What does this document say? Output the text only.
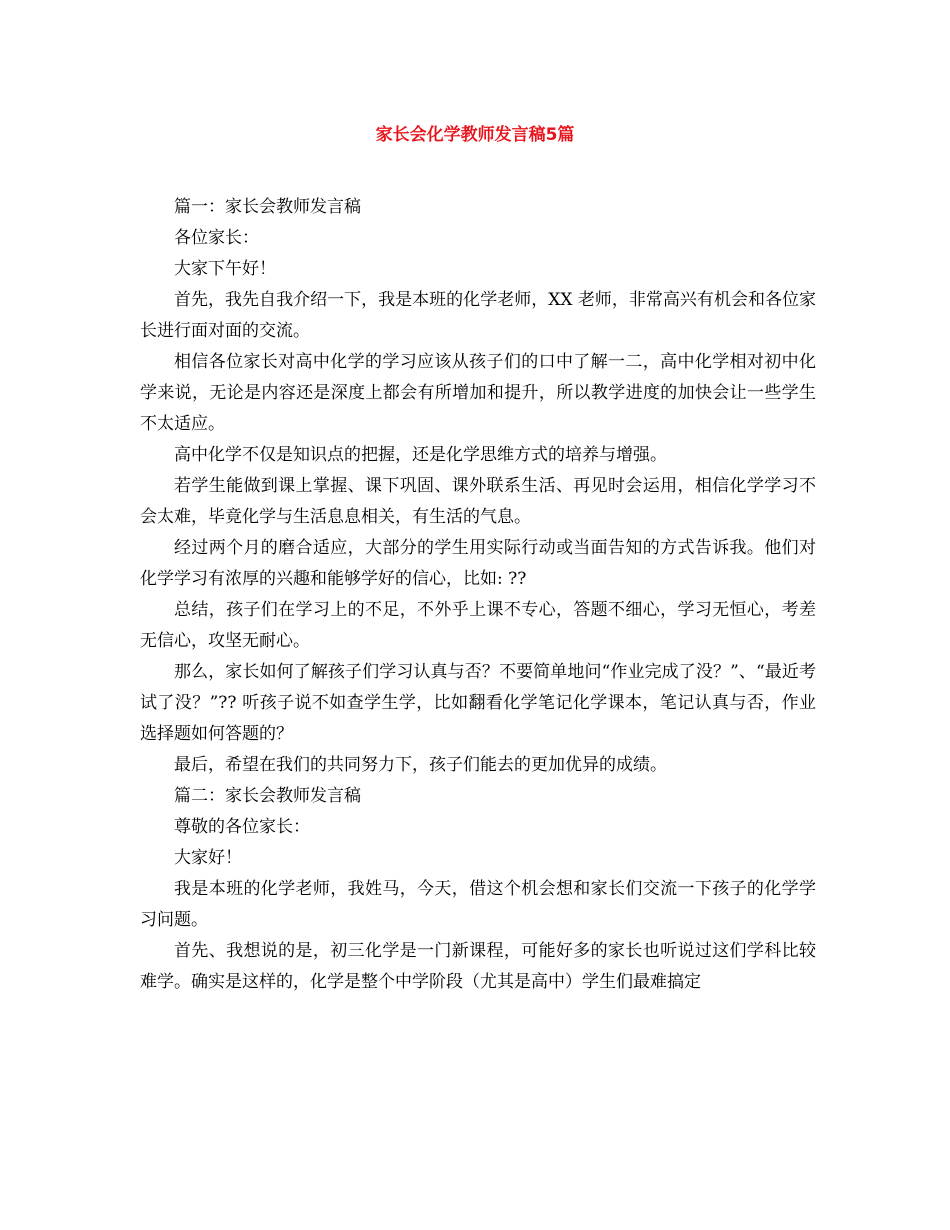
家长会化学教师发言稿5篇

篇一：家长会教师发言稿

各位家长：

大家下午好！

首先，我先自我介绍一下，我是本班的化学老师，XX 老师，非常高兴有机会和各位家长进行面对面的交流。

相信各位家长对高中化学的学习应该从孩子们的口中了解一二，高中化学相对初中化学来说，无论是内容还是深度上都会有所增加和提升，所以教学进度的加快会让一些学生不太适应。

高中化学不仅是知识点的把握，还是化学思维方式的培养与增强。

若学生能做到课上掌握、课下巩固、课外联系生活、再见时会运用，相信化学学习不会太难，毕竟化学与生活息息相关，有生活的气息。

经过两个月的磨合适应，大部分的学生用实际行动或当面告知的方式告诉我。他们对化学学习有浓厚的兴趣和能够学好的信心，比如: ??

总结，孩子们在学习上的不足，不外乎上课不专心，答题不细心，学习无恒心，考差无信心，攻坚无耐心。

那么，家长如何了解孩子们学习认真与否？不要简单地问“作业完成了没？”、“最近考试了没？”?? 听孩子说不如查学生学，比如翻看化学笔记化学课本，笔记认真与否，作业选择题如何答题的？

最后，希望在我们的共同努力下，孩子们能去的更加优异的成绩。

篇二：家长会教师发言稿

尊敬的各位家长：

大家好！

我是本班的化学老师，我姓马，今天，借这个机会想和家长们交流一下孩子的化学学习问题。

首先、我想说的是，初三化学是一门新课程，可能好多的家长也听说过这们学科比较难学。确实是这样的，化学是整个中学阶段（尤其是高中）学生们最难搞定
